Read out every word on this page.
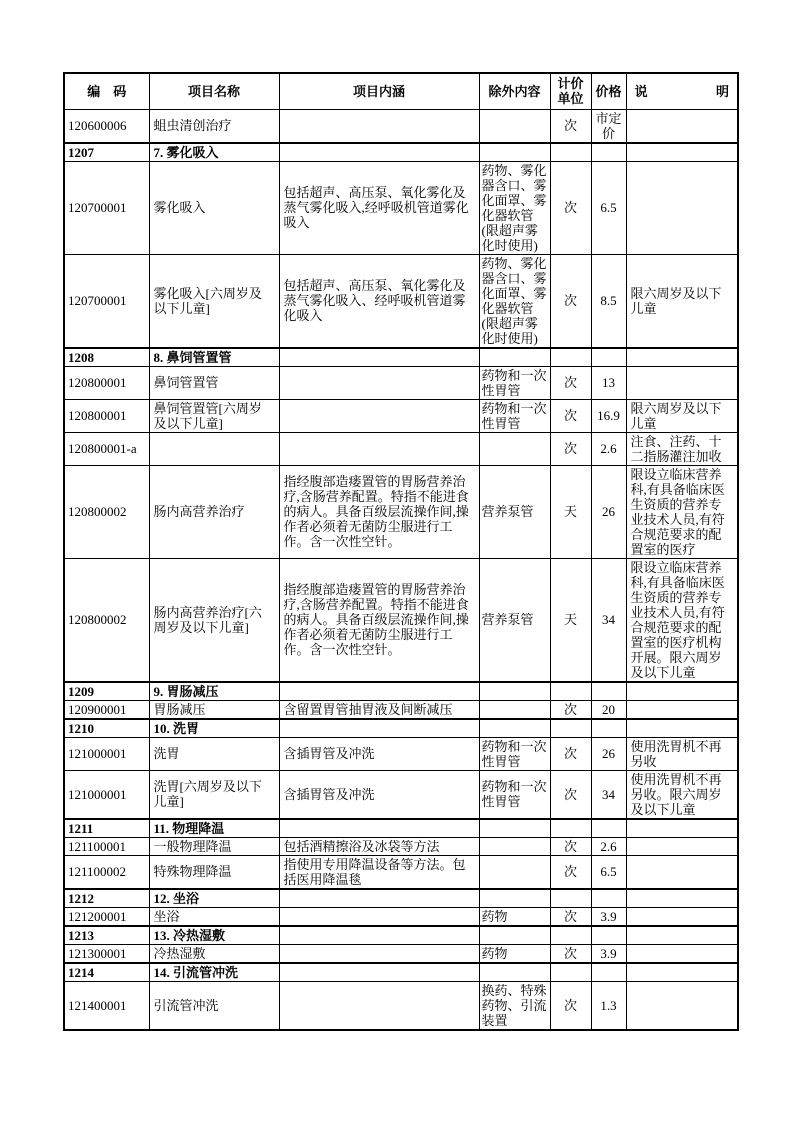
编　码	项目名称	项目内涵	除外内容	计价单位	价格	说 明

120600006	蛆虫清创治疗			次	市定价	
1207	7. 雾化吸入					
120700001	雾化吸入	包括超声、高压泵、氧化雾化及蒸气雾化吸入,经呼吸机管道雾化吸入	药物、雾化器含口、雾化面罩、雾化器软管(限超声雾化时使用)	次	6.5	
120700001	雾化吸入[六周岁及以下儿童]	包括超声、高压泵、氧化雾化及蒸气雾化吸入、经呼吸机管道雾化吸入	药物、雾化器含口、雾化面罩、雾化器软管(限超声雾化时使用)	次	8.5	限六周岁及以下儿童
1208	8. 鼻饲管置管					
120800001	鼻饲管置管		药物和一次性胃管	次	13	
120800001	鼻饲管置管[六周岁及以下儿童]		药物和一次性胃管	次	16.9	限六周岁及以下儿童
120800001-a				次	2.6	注食、注药、十二指肠灌注加收
120800002	肠内高营养治疗	指经腹部造瘘置管的胃肠营养治疗,含肠营养配置。特指不能进食的病人。具备百级层流操作间,操作者必须着无菌防尘服进行工作。含一次性空针。	营养泵管	天	26	限设立临床营养科,有具备临床医生资质的营养专业技术人员,有符合规范要求的配置室的医疗

120800002	肠内高营养治疗[六周岁及以下儿童]	指经腹部造瘘置管的胃肠营养治疗,含肠营养配置。特指不能进食的病人。具备百级层流操作间,操作者必须着无菌防尘服进行工作。含一次性空针。	营养泵管	天	34	限设立临床营养科,有具备临床医生资质的营养专业技术人员,有符合规范要求的配置室的医疗机构开展。限六周岁及以下儿童
1209	9. 胃肠减压					
120900001	胃肠减压	含留置胃管抽胃液及间断减压		次	20	
1210	10. 洗胃					
121000001	洗胃	含插胃管及冲洗	药物和一次性胃管	次	26	使用洗胃机不再另收
121000001	洗胃[六周岁及以下儿童]	含插胃管及冲洗	药物和一次性胃管	次	34	使用洗胃机不再另收。限六周岁及以下儿童
1211	11. 物理降温					
121100001	一般物理降温	包括酒精擦浴及冰袋等方法		次	2.6	
121100002	特殊物理降温	指使用专用降温设备等方法。包括医用降温毯		次	6.5	
1212	12. 坐浴					
121200001	坐浴		药物	次	3.9	
1213	13. 冷热湿敷					
121300001	冷热湿敷		药物	次	3.9	
1214	14. 引流管冲洗					
121400001	引流管冲洗		换药、特殊药物、引流装置	次	1.3	
